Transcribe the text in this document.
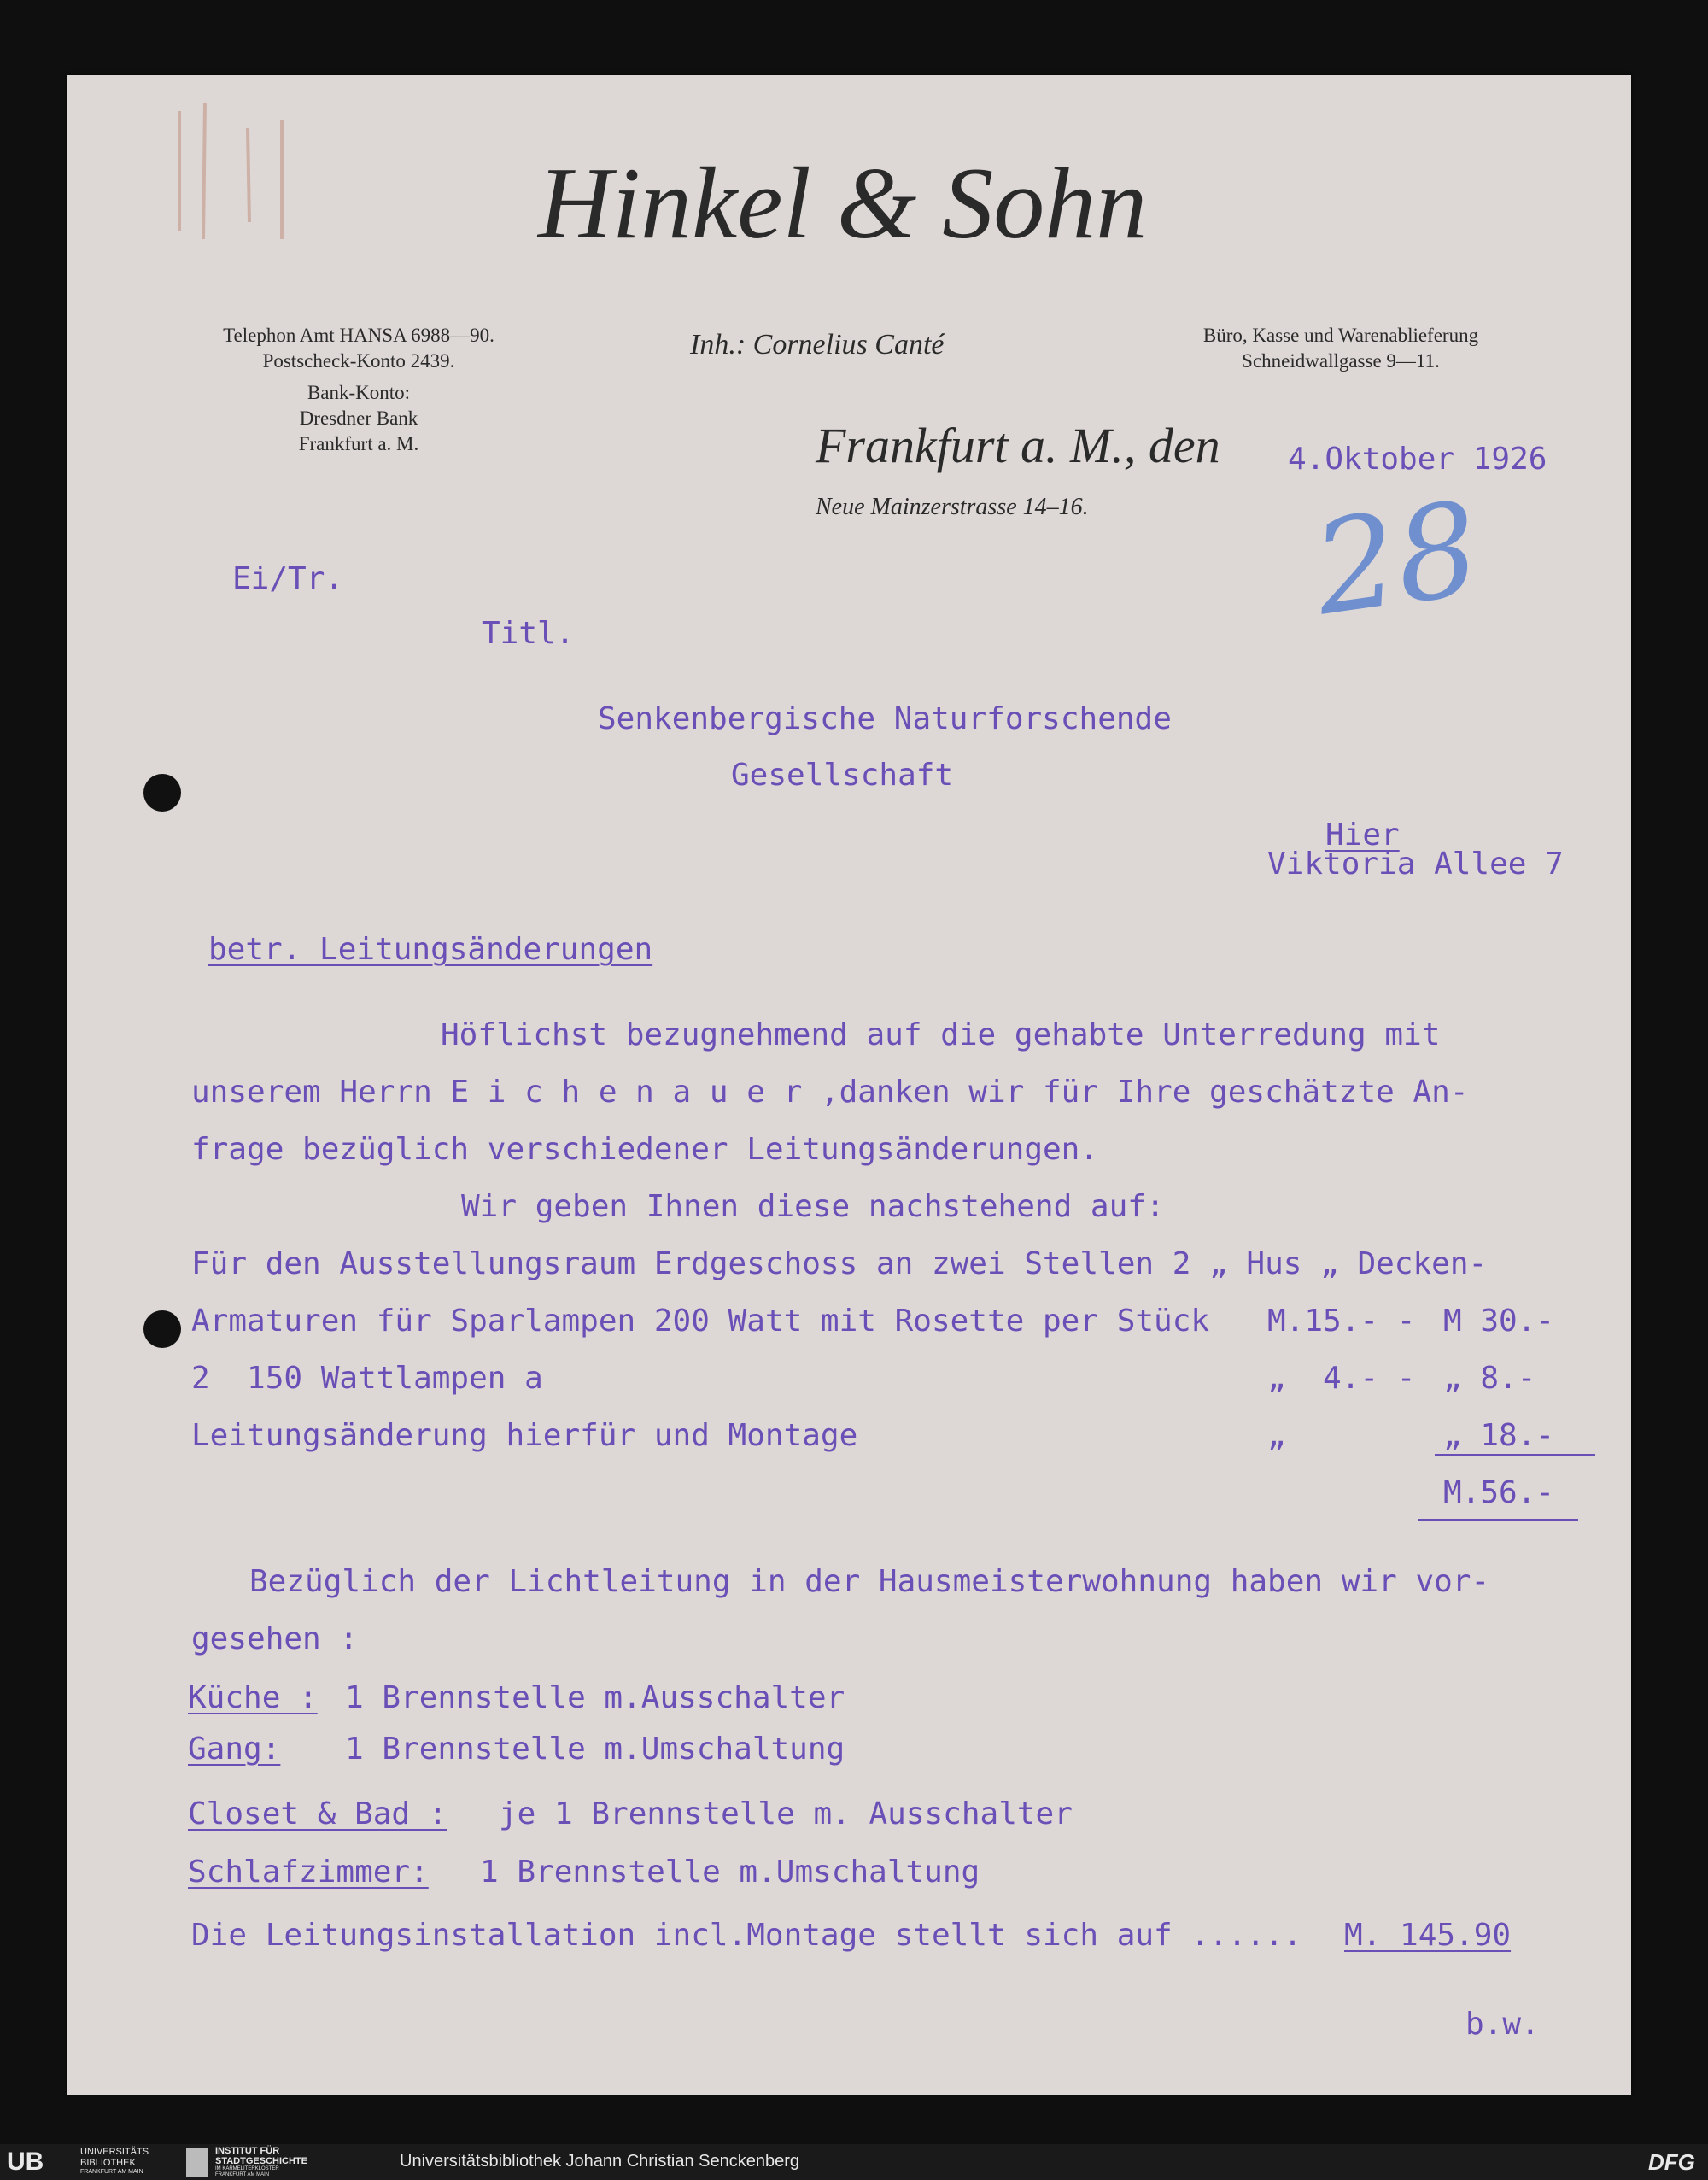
Hinkel & Sohn
Inh.: Cornelius Canté
Telephon Amt HANSA 6988—90.
Postscheck-Konto 2439.
Bank-Konto:
Dresdner Bank
Frankfurt a. M.
Büro, Kasse und Warenablieferung
Schneidwallgasse 9—11.
Frankfurt a. M., den
Neue Mainzerstrasse 14–16.
4.Oktober 1926
28
Ei/Tr.
Titl.
Senkenbergische Naturforschende
Gesellschaft
Hier
Viktoria Allee 7
betr. Leitungsänderungen
Höflichst bezugnehmend auf die gehabte Unterredung mit
unserem Herrn E i c h e n a u e r ,danken wir für Ihre geschätzte An-
frage bezüglich verschiedener Leitungsänderungen.
Wir geben Ihnen diese nachstehend auf:
Für den Ausstellungsraum Erdgeschoss an zwei Stellen 2 „ Hus „ Decken-
Armaturen für Sparlampen 200 Watt mit Rosette per Stück M.15.- - M 30.-
2  150 Wattlampen a	„  4.- - „ 8.-
Leitungsänderung hierfür und Montage	„	„ 18.-
M.56.-
Bezüglich der Lichtleitung in der Hausmeisterwohnung haben wir vor-
gesehen :
Küche : 1 Brennstelle m.Ausschalter
Gang: 1 Brennstelle m.Umschaltung
Closet & Bad : je 1 Brennstelle m. Ausschalter
Schlafzimmer: 1 Brennstelle m.Umschaltung
Die Leitungsinstallation incl.Montage stellt sich auf ...... M. 145.90
b.w.
UB	UNIVERSITÄTS
BIBLIOTHEK
FRANKFURT AM MAIN
INSTITUT FÜR
STADTGESCHICHTE
IM KARMELITERKLOSTER
FRANKFURT AM MAIN
Universitätsbibliothek Johann Christian Senckenberg	DFG
